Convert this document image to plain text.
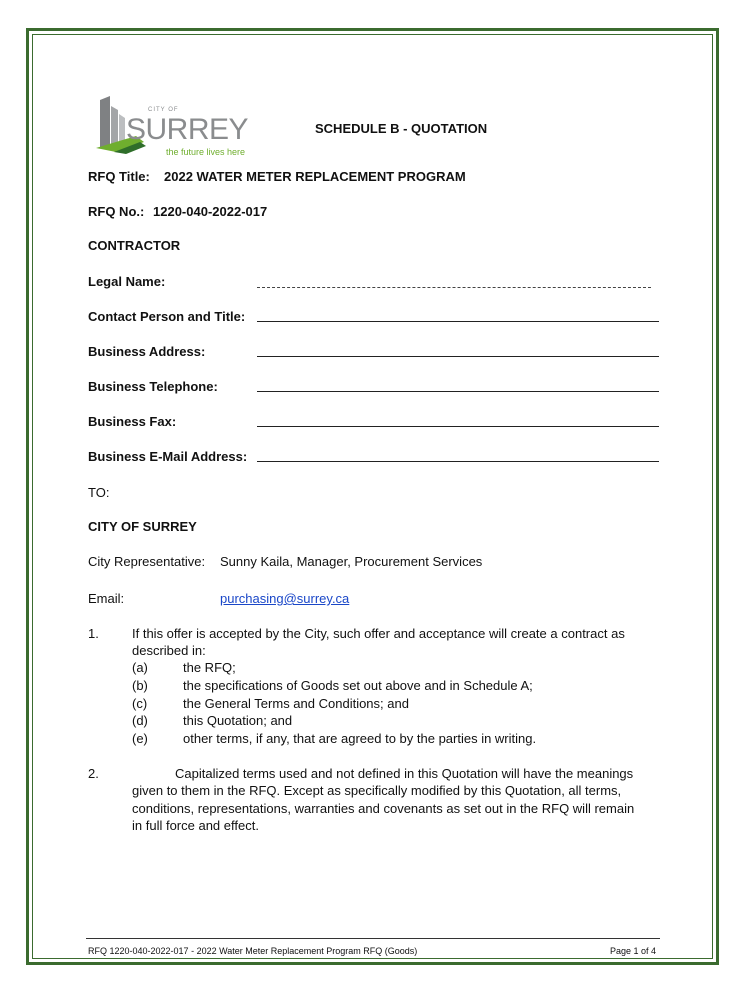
CITY OF
SURREY
the future lives here
SCHEDULE B - QUOTATION
RFQ Title: 2022 WATER METER REPLACEMENT PROGRAM
RFQ No.: 1220-040-2022-017
CONTRACTOR
Legal Name:
Contact Person and Title:
Business Address:
Business Telephone:
Business Fax:
Business E-Mail Address:
TO:
CITY OF SURREY
City Representative: Sunny Kaila, Manager, Procurement Services
Email:	purchasing@surrey.ca
1.	If this offer is accepted by the City, such offer and acceptance will create a contract as
described in:
(a)	the RFQ;
(b)	the specifications of Goods set out above and in Schedule A;
(c)	the General Terms and Conditions; and
(d)	this Quotation; and
(e)	other terms, if any, that are agreed to by the parties in writing.
2.	Capitalized terms used and not defined in this Quotation will have the meanings
given to them in the RFQ. Except as specifically modified by this Quotation, all terms,
conditions, representations, warranties and covenants as set out in the RFQ will remain
in full force and effect.
RFQ 1220-040-2022-017 - 2022 Water Meter Replacement Program RFQ (Goods)	Page 1 of 4
